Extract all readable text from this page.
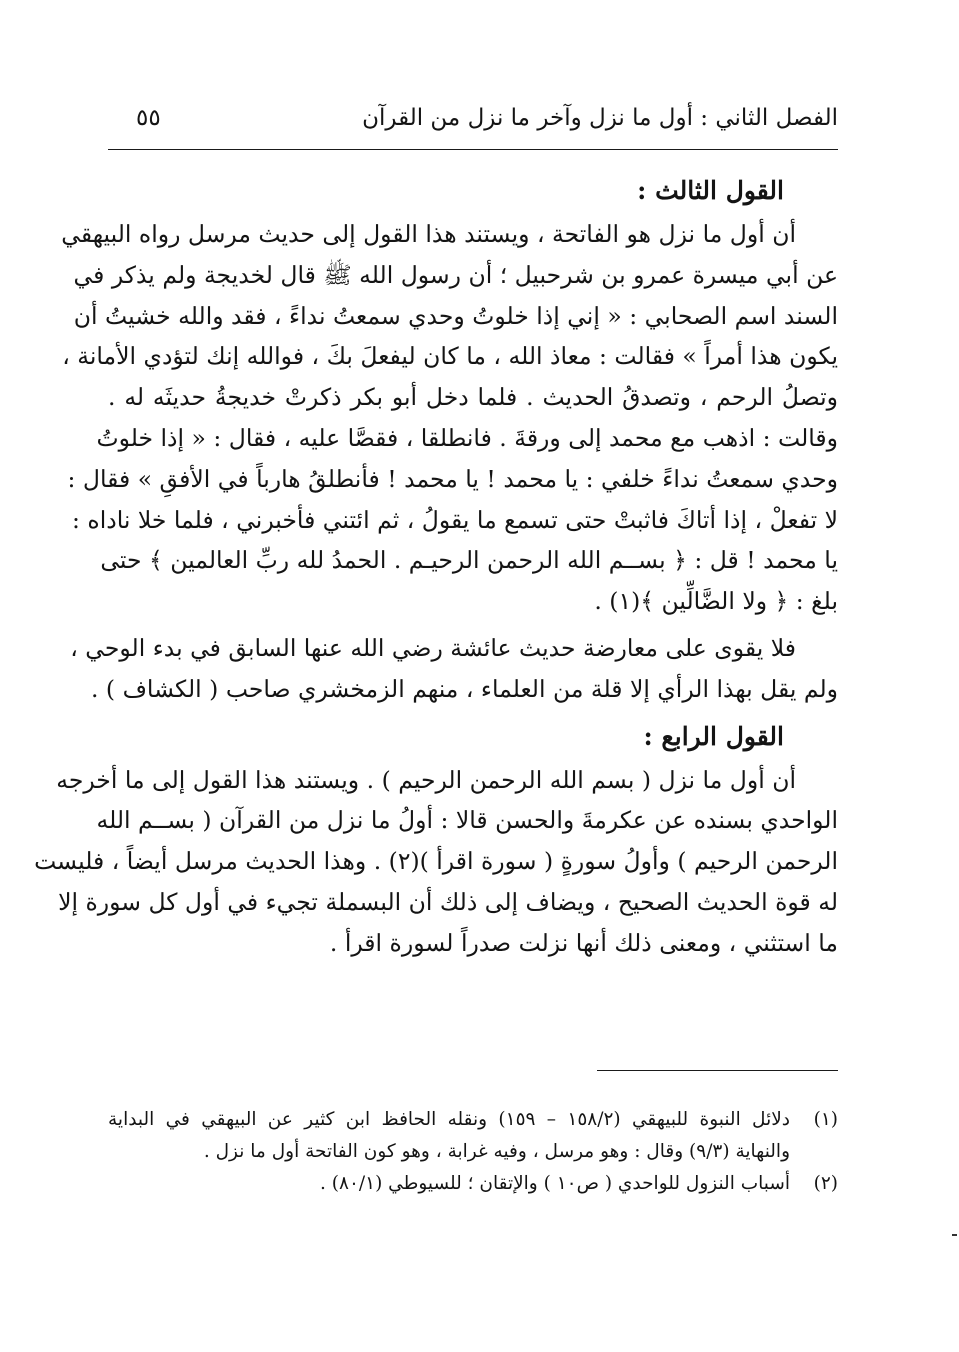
الفصل الثاني : أول ما نزل وآخر ما نزل من القرآن
٥٥
القول الثالث :
أن أول ما نزل هو الفاتحة ، ويستند هذا القول إلى حديث مرسل رواه البيهقي
عن أبي ميسرة عمرو بن شرحبيل ؛ أن رسول الله ﷺ قال لخديجة ولم يذكر في
السند اسم الصحابي : « إني إذا خلوتُ وحدي سمعتُ نداءً ، فقد والله خشيتُ أن
يكون هذا أمراً » فقالت : معاذ الله ، ما كان ليفعلَ بكَ ، فوالله إنك لتؤدي الأمانة ،
وتصلُ الرحم ، وتصدقُ الحديث . فلما دخل أبو بكر ذكرتْ خديجةُ حديثَه له .
وقالت : اذهب مع محمد إلى ورقةَ . فانطلقا ، فقصَّا عليه ، فقال : « إذا خلوتُ
وحدي سمعتُ نداءً خلفي : يا محمد ! يا محمد ! فأنطلقُ هارباً في الأفقِ » فقال :
لا تفعلْ ، إذا أتاكَ فاثبتْ حتى تسمع ما يقولُ ، ثم ائتني فأخبرني ، فلما خلا ناداه :
يا محمد ! قل : ﴿ بســم الله الرحمن الرحيـم . الحمدُ لله ربِّ العالمين ﴾ حتى
بلغ : ﴿ ولا الضَّالِّين ﴾(١) .
فلا يقوى على معارضة حديث عائشة رضي الله عنها السابق في بدء الوحي ،
ولم يقل بهذا الرأي إلا قلة من العلماء ، منهم الزمخشري صاحب ( الكشاف ) .
القول الرابع :
أن أول ما نزل ( بسم الله الرحمن الرحيم ) . ويستند هذا القول إلى ما أخرجه
الواحدي بسنده عن عكرمةَ والحسن قالا : أولُ ما نزل من القرآن ( بســم الله
الرحمن الرحيم ) وأولُ سورةٍ ( سورة اقرأ )(٢) . وهذا الحديث مرسل أيضاً ، فليست
له قوة الحديث الصحيح ، ويضاف إلى ذلك أن البسملة تجيء في أول كل سورة إلا
ما استثني ، ومعنى ذلك أنها نزلت صدراً لسورة اقرأ .
(١)
دلائل النبوة للبيهقي (١٥٨/٢ – ١٥٩) ونقله الحافظ ابن كثير عن البيهقي في البداية
والنهاية (٩/٣) وقال : وهو مرسل ، وفيه غرابة ، وهو كون الفاتحة أول ما نزل .
(٢)
أسباب النزول للواحدي ( ص١٠ ) والإتقان ؛ للسيوطي (٨٠/١) .
